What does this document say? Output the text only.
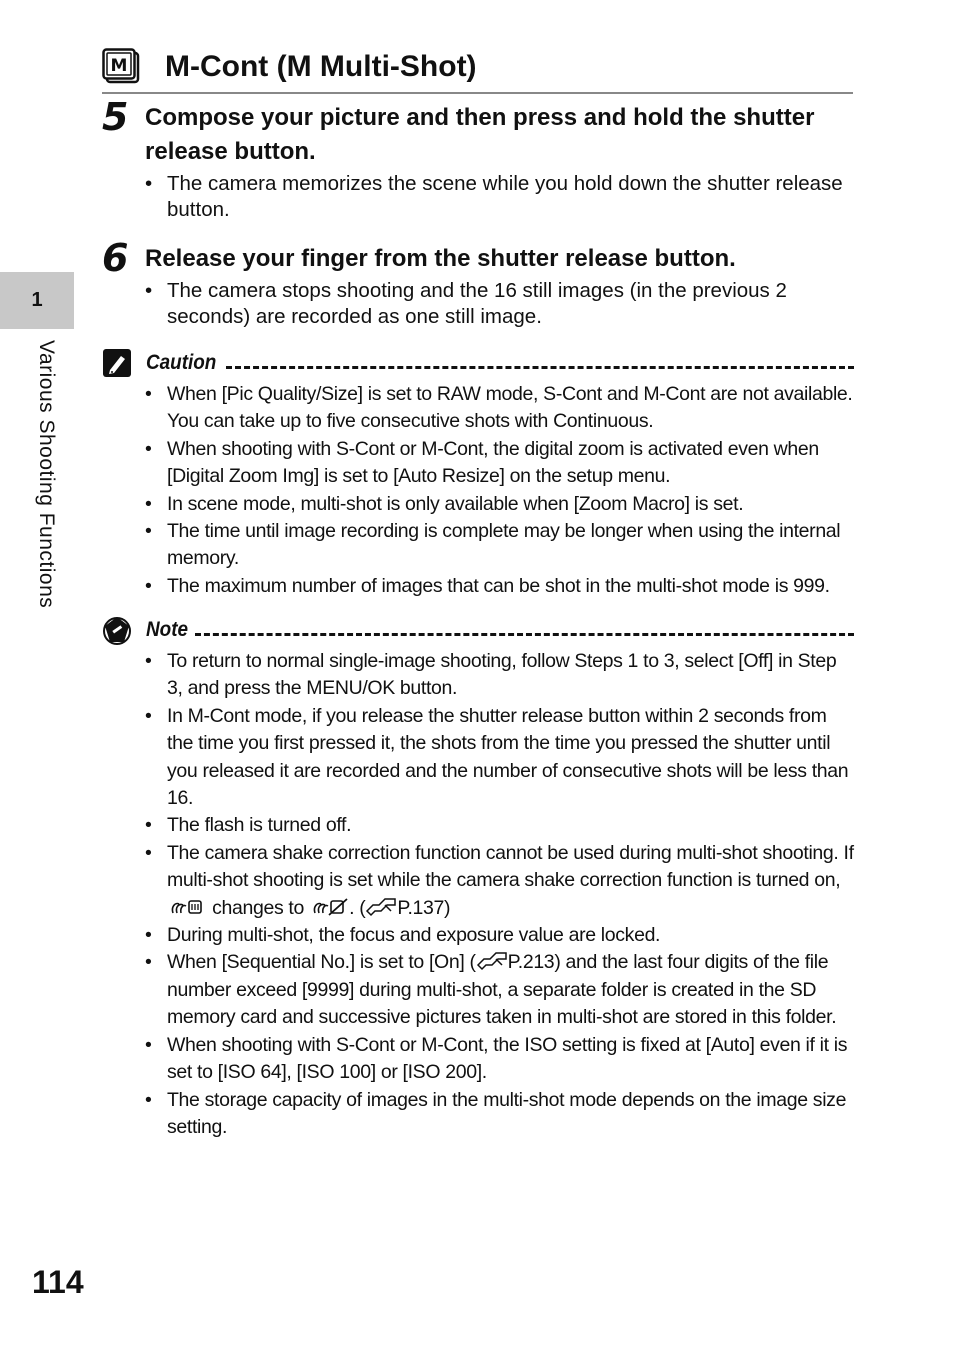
1
Various Shooting Functions
M M-Cont (M Multi-Shot)
5 Compose your picture and then press and hold the shutter release button.
• The camera memorizes the scene while you hold down the shutter release button.
6 Release your finger from the shutter release button.
• The camera stops shooting and the 16 still images (in the previous 2 seconds) are recorded as one still image.
Caution
• When [Pic Quality/Size] is set to RAW mode, S-Cont and M-Cont are not available. You can take up to five consecutive shots with Continuous.
• When shooting with S-Cont or M-Cont, the digital zoom is activated even when [Digital Zoom Img] is set to [Auto Resize] on the setup menu.
• In scene mode, multi-shot is only available when [Zoom Macro] is set.
• The time until image recording is complete may be longer when using the internal memory.
• The maximum number of images that can be shot in the multi-shot mode is 999.
Note
• To return to normal single-image shooting, follow Steps 1 to 3, select [Off] in Step 3, and press the MENU/OK button.
• In M-Cont mode, if you release the shutter release button within 2 seconds from the time you first pressed it, the shots from the time you pressed the shutter until you released it are recorded and the number of consecutive shots will be less than 16.
• The flash is turned off.
• The camera shake correction function cannot be used during multi-shot shooting. If multi-shot shooting is set while the camera shake correction function is turned on,
changes to . ( P.137)
• During multi-shot, the focus and exposure value are locked.
• When [Sequential No.] is set to [On] ( P.213) and the last four digits of the file number exceed [9999] during multi-shot, a separate folder is created in the SD memory card and successive pictures taken in multi-shot are stored in this folder.
• When shooting with S-Cont or M-Cont, the ISO setting is fixed at [Auto] even if it is set to [ISO 64], [ISO 100] or [ISO 200].
• The storage capacity of images in the multi-shot mode depends on the image size setting.
114
